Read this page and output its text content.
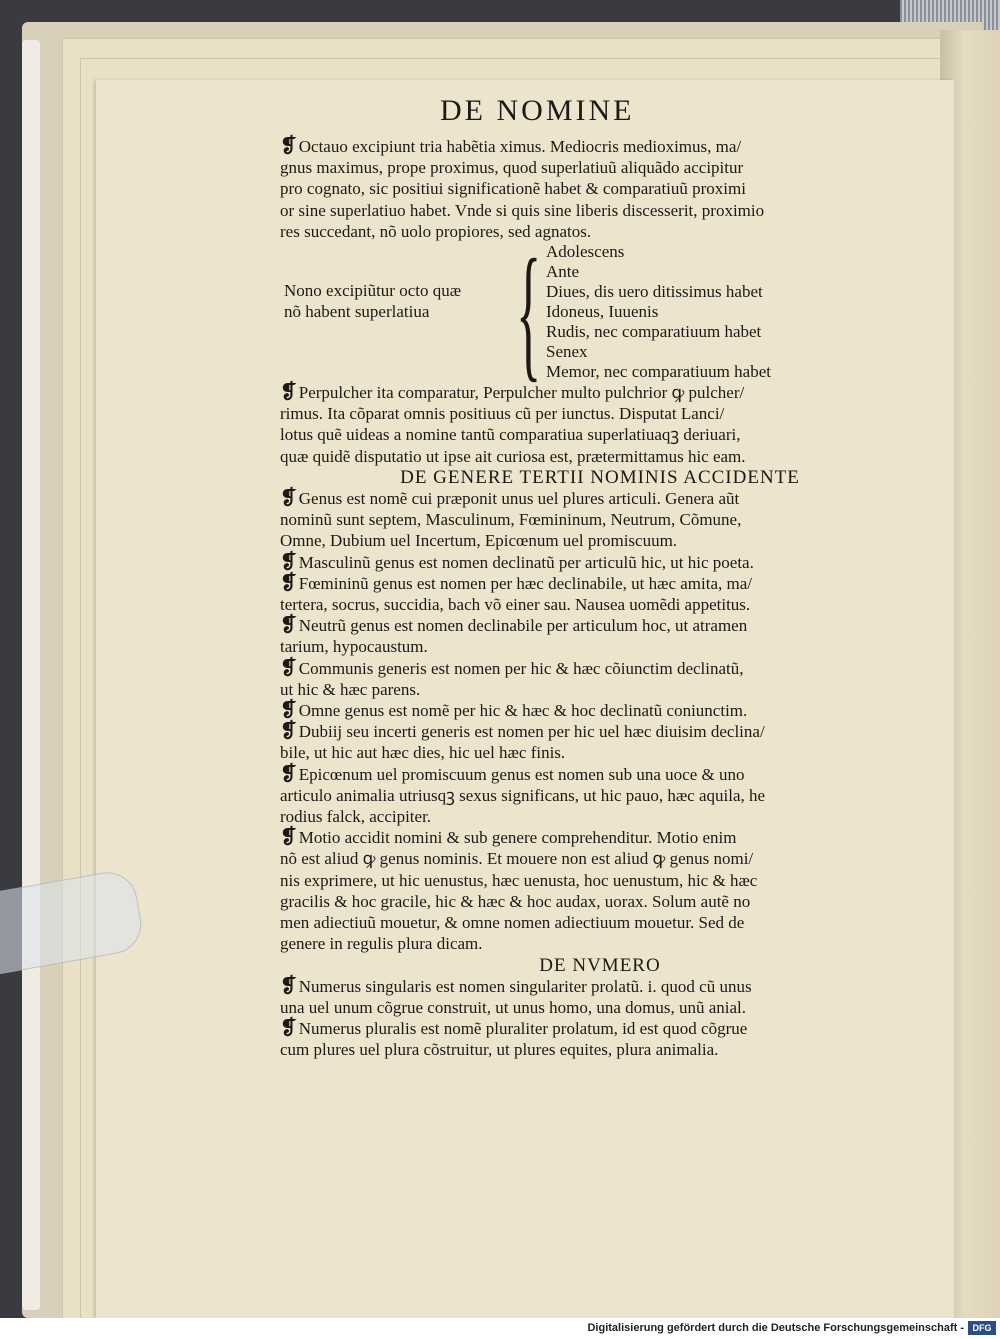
DE NOMINE

❡ Octauo excipiunt tria habẽtia ximus. Mediocris medioximus, ma/

gnus maximus, prope proximus, quod superlatiuũ aliquãdo accipitur

pro cognato, sic positiui significationẽ habet & comparatiuũ proximi

or sine superlatiuo habet. Vnde si quis sine liberis discesserit, proximio

res succedant, nõ uolo propiores, sed agnatos.

Nono excipiũtur octo quæ

nõ habent superlatiua { Adolescens

Ante

Diues, dis uero ditissimus habet

Idoneus, Iuuenis

Rudis, nec comparatiuum habet

Senex

Memor, nec comparatiuum habet

❡ Perpulcher ita comparatur, Perpulcher multo pulchrior ꝙ pulcher/

rimus. Ita cõparat omnis positiuus cũ per iunctus. Disputat Lanci/

lotus quẽ uideas a nomine tantũ comparatiua superlatiuaqꝫ deriuari,

quæ quidẽ disputatio ut ipse ait curiosa est, prætermittamus hic eam.

DE GENERE TERTII NOMINIS ACCIDENTE

❡ Genus est nomẽ cui præponit unus uel plures articuli. Genera aũt

nominũ sunt septem, Masculinum, Fœmininum, Neutrum, Cõmune,

Omne, Dubium uel Incertum, Epicœnum uel promiscuum.

❡ Masculinũ genus est nomen declinatũ per articulũ hic, ut hic poeta.

❡ Fœmininũ genus est nomen per hæc declinabile, ut hæc amita, ma/

tertera, socrus, succidia, bach võ einer sau. Nausea uomẽdi appetitus.

❡ Neutrũ genus est nomen declinabile per articulum hoc, ut atramen

tarium, hypocaustum.

❡ Communis generis est nomen per hic & hæc cõiunctim declinatũ,

ut hic & hæc parens.

❡ Omne genus est nomẽ per hic & hæc & hoc declinatũ coniunctim.

❡ Dubiĳ seu incerti generis est nomen per hic uel hæc diuisim declina/

bile, ut hic aut hæc dies, hic uel hæc finis.

❡ Epicœnum uel promiscuum genus est nomen sub una uoce & uno

articulo animalia utriusqꝫ sexus significans, ut hic pauo, hæc aquila, he

rodius falck, accipiter.

❡ Motio accidit nomini & sub genere comprehenditur. Motio enim

nõ est aliud ꝙ genus nominis. Et mouere non est aliud ꝙ genus nomi/

nis exprimere, ut hic uenustus, hæc uenusta, hoc uenustum, hic & hæc

gracilis & hoc gracile, hic & hæc & hoc audax, uorax. Solum autẽ no

men adiectiuũ mouetur, & omne nomen adiectiuum mouetur. Sed de

genere in regulis plura dicam.

DE NVMERO

❡ Numerus singularis est nomen singulariter prolatũ. i. quod cũ unus

una uel unum cõgrue construit, ut unus homo, una domus, unũ anial.

❡ Numerus pluralis est nomẽ pluraliter prolatum, id est quod cõgrue

cum plures uel plura cõstruitur, ut plures equites, plura animalia.

Digitalisierung gefördert durch die Deutsche Forschungsgemeinschaft - DFG
